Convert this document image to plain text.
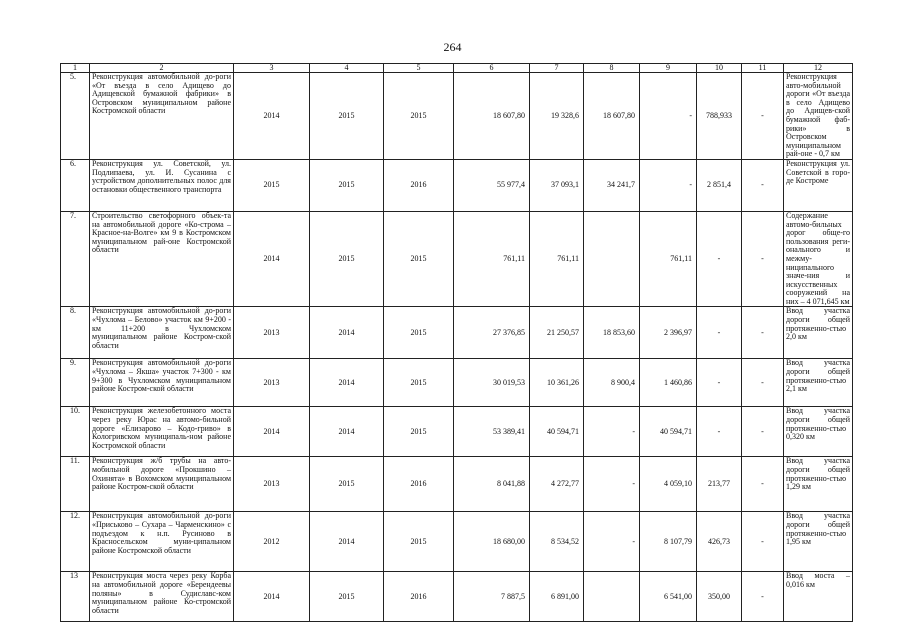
264
1	2	3	4	5	6	7	8	9	10	11	12
5.	Реконструкция автомобильной до-роги «От въезда в село Адищево до Адищевской бумажной фабрики» в Островском муниципальном районе Костромской области	2014	2015	2015	18 607,80	19 328,6	18 607,80	-	788,933	-	Реконструкция авто-мобильной дороги «От въезда в село Адищево до Адищев-ской бумажной фаб-рики» в Островском муниципальном рай-оне - 0,7 км
6.	Реконструкция ул. Советской, ул. Подлипаева, ул. И. Сусанина с устройством дополнительных полос для остановки общественного транспорта	2015	2015	2016	55 977,4	37 093,1	34 241,7	-	2 851,4	-	Реконструкция ул. Советской в горо-де Костроме
7.	Строительство светофорного объек-та на автомобильной дороге «Ко-строма – Красное-на-Волге» км 9 в Костромском муниципальном рай-оне Костромской области	2014	2015	2015	761,11	761,11		761,11	-	-	Содержание автомо-бильных дорог обще-го пользования реги-онального и межму-ниципального значе-ния и искусственных сооружений на них – 4 071,645 км
8.	Реконструкция автомобильной до-роги «Чухлома – Белово» участок км 9+200 - км 11+200 в Чухломском муниципальном районе Костром-ской области	2013	2014	2015	27 376,85	21 250,57	18 853,60	2 396,97	-	-	Ввод участка дороги общей протяженно-стью 2,0 км
9.	Реконструкция автомобильной до-роги «Чухлома – Якша» участок 7+300 - км 9+300 в Чухломском муниципальном районе Костром-ской области	2013	2014	2015	30 019,53	10 361,26	8 900,4	1 460,86	-	-	Ввод участка дороги общей протяженно-стью 2,1 км
10.	Реконструкция железобетонного моста через реку Юрас на автомо-бильной дороге «Елизарово – Кодо-гриво» в Кологривском муниципаль-ном районе Костромской области	2014	2014	2015	53 389,41	40 594,71	-	40 594,71	-	-	Ввод участка дороги общей протяженно-стью 0,320 км
11.	Реконструкция ж/б трубы на авто-мобильной дороге «Прокшино – Охинята» в Вохомском муниципальном районе Костром-ской области	2013	2015	2016	8 041,88	4 272,77	-	4 059,10	213,77	-	Ввод участка дороги общей протяженно-стью 1,29 км
12.	Реконструкция автомобильной до-роги «Приськово – Сухара – Чарменскино» с подъездом к н.п. Русиново в Красносельском муни-ципальном районе Костромской области	2012	2014	2015	18 680,00	8 534,52	-	8 107,79	426,73	-	Ввод участка дороги общей протяженно-стью 1,95 км
13	Реконструкция моста через реку Корба на автомобильной дороге «Берендеевы поляны» в Судиславс-ком муниципальном районе Ко-стромской области	2014	2015	2016	7 887,5	6 891,00		6 541,00	350,00	-	Ввод моста – 0,016 км
